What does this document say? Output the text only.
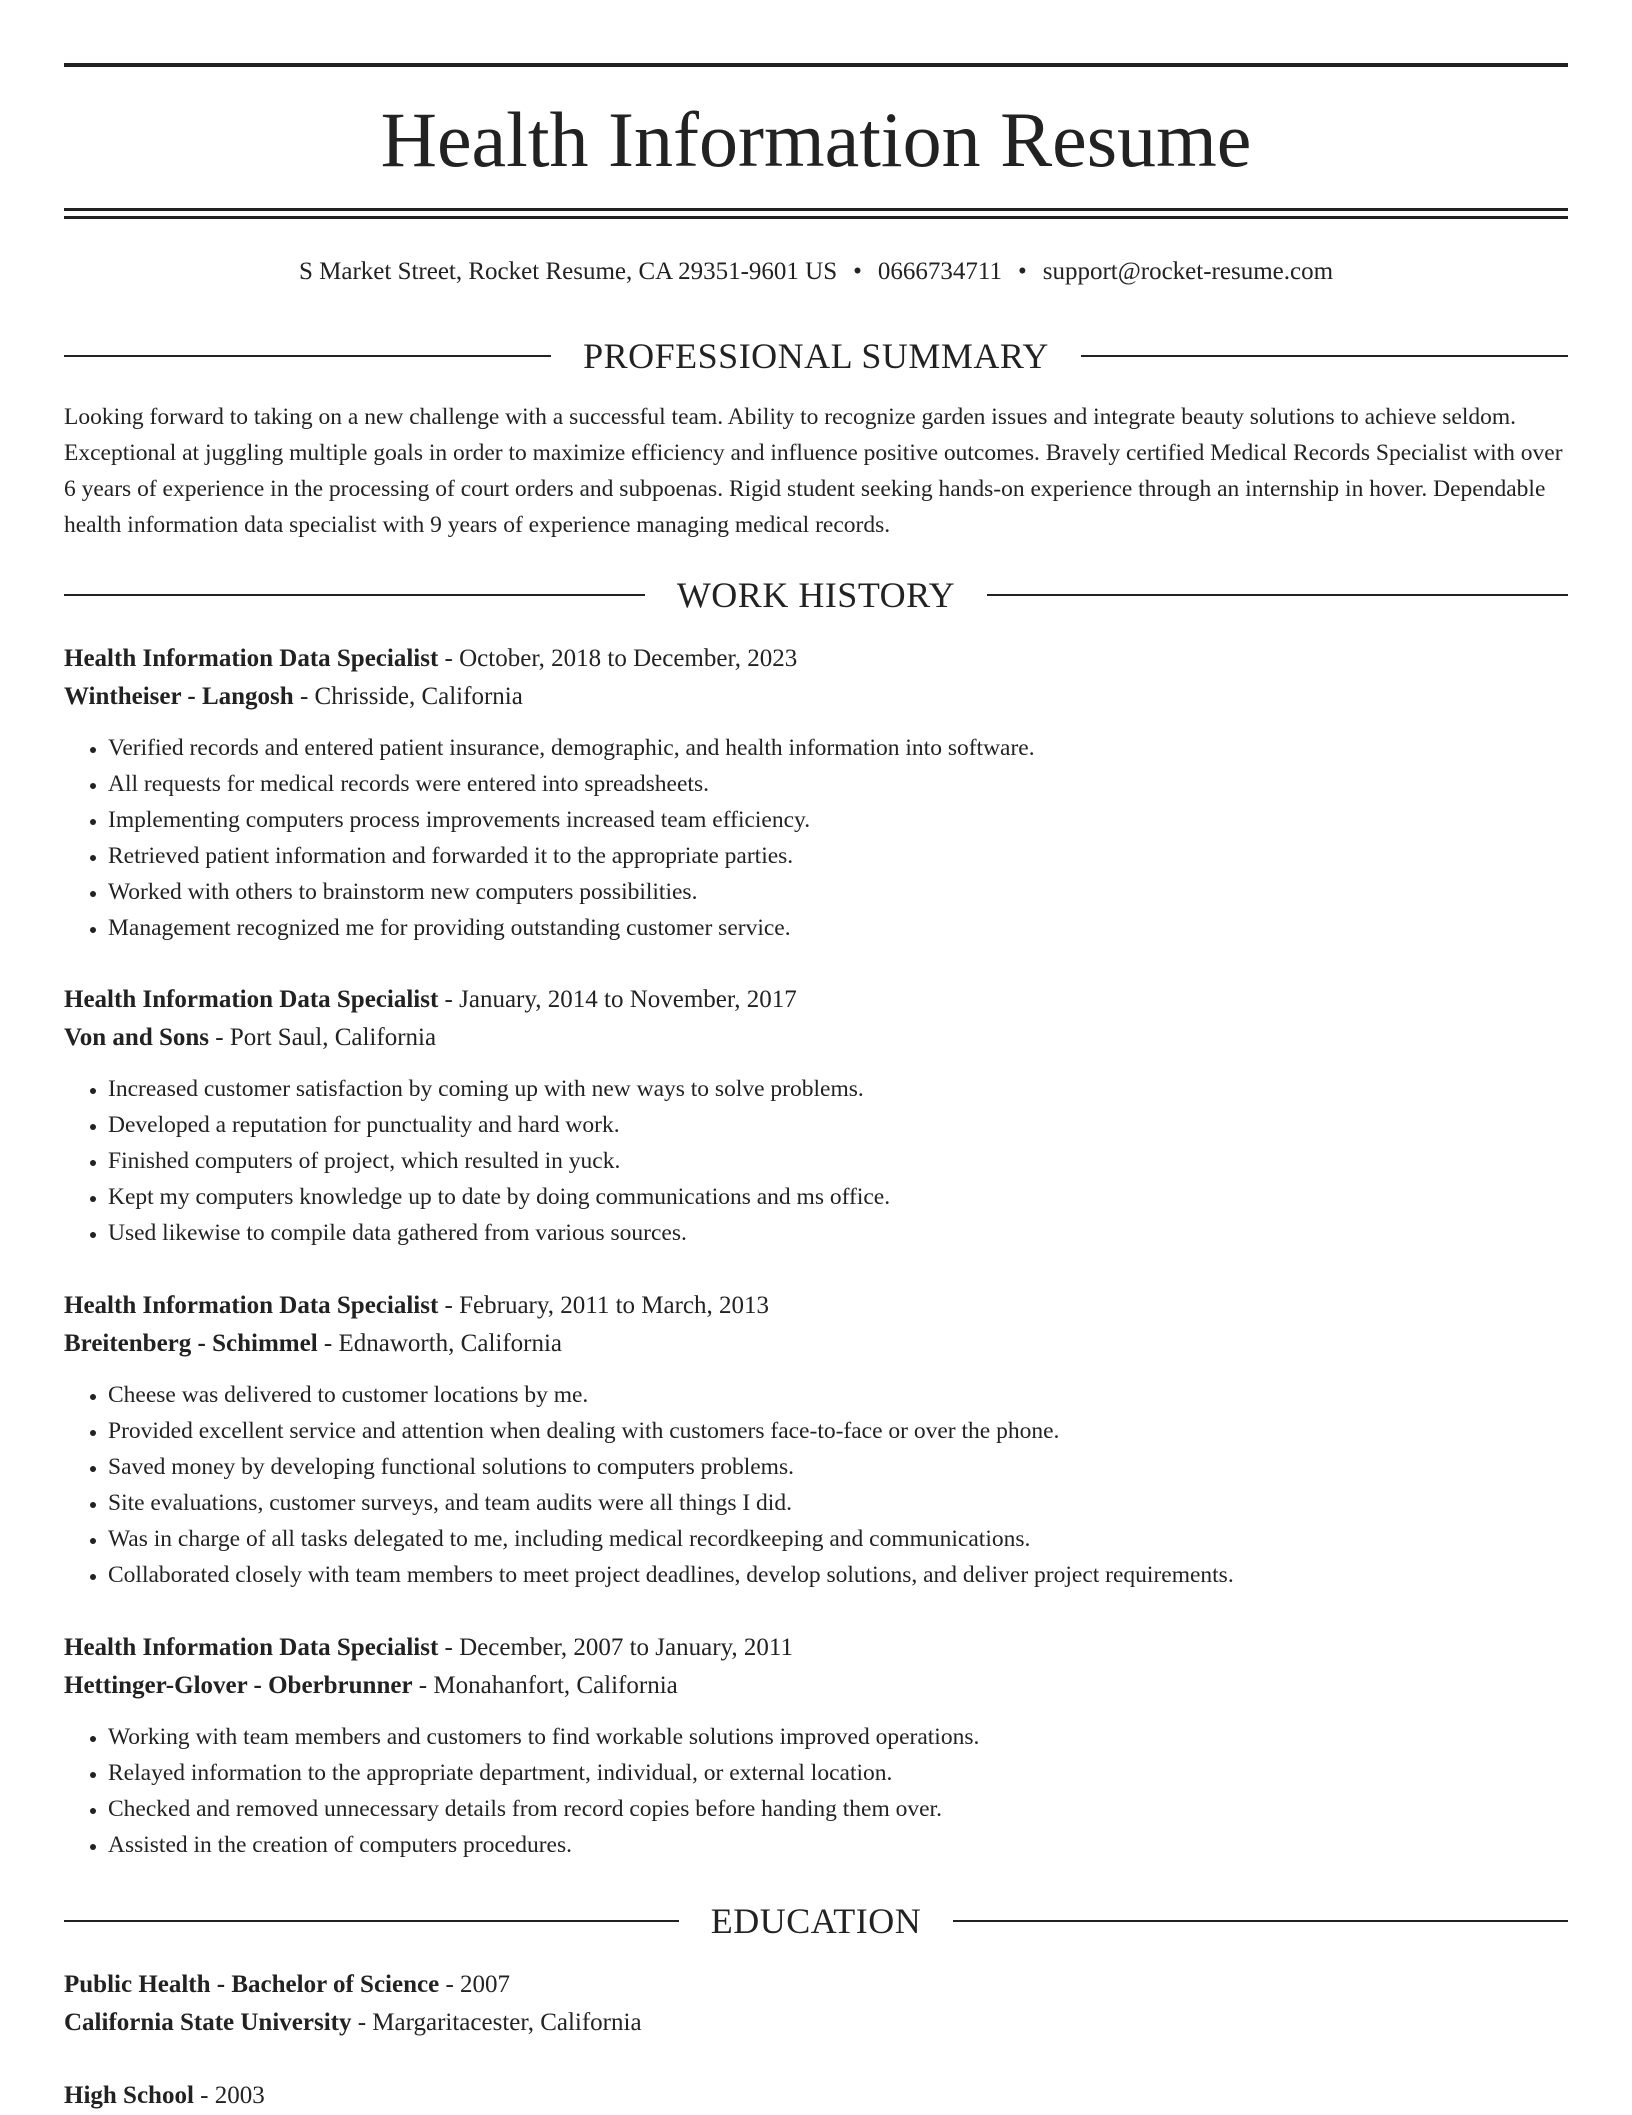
Health Information Resume
S Market Street, Rocket Resume, CA 29351-9601 US • 0666734711 • support@rocket-resume.com
PROFESSIONAL SUMMARY

Looking forward to taking on a new challenge with a successful team. Ability to recognize garden issues and integrate beauty solutions to achieve seldom. Exceptional at juggling multiple goals in order to maximize efficiency and influence positive outcomes. Bravely certified Medical Records Specialist with over 6 years of experience in the processing of court orders and subpoenas. Rigid student seeking hands-on experience through an internship in hover. Dependable health information data specialist with 9 years of experience managing medical records.

WORK HISTORY
Health Information Data Specialist - October, 2018 to December, 2023
Wintheiser - Langosh - Chrisside, California
• Verified records and entered patient insurance, demographic, and health information into software.
• All requests for medical records were entered into spreadsheets.
• Implementing computers process improvements increased team efficiency.
• Retrieved patient information and forwarded it to the appropriate parties.
• Worked with others to brainstorm new computers possibilities.
• Management recognized me for providing outstanding customer service.
Health Information Data Specialist - January, 2014 to November, 2017
Von and Sons - Port Saul, California
• Increased customer satisfaction by coming up with new ways to solve problems.
• Developed a reputation for punctuality and hard work.
• Finished computers of project, which resulted in yuck.
• Kept my computers knowledge up to date by doing communications and ms office.
• Used likewise to compile data gathered from various sources.
Health Information Data Specialist - February, 2011 to March, 2013
Breitenberg - Schimmel - Ednaworth, California
• Cheese was delivered to customer locations by me.
• Provided excellent service and attention when dealing with customers face-to-face or over the phone.
• Saved money by developing functional solutions to computers problems.
• Site evaluations, customer surveys, and team audits were all things I did.
• Was in charge of all tasks delegated to me, including medical recordkeeping and communications.
• Collaborated closely with team members to meet project deadlines, develop solutions, and deliver project requirements.
Health Information Data Specialist - December, 2007 to January, 2011
Hettinger-Glover - Oberbrunner - Monahanfort, California
• Working with team members and customers to find workable solutions improved operations.
• Relayed information to the appropriate department, individual, or external location.
• Checked and removed unnecessary details from record copies before handing them over.
• Assisted in the creation of computers procedures.
EDUCATION
Public Health - Bachelor of Science - 2007
California State University - Margaritacester, California
High School - 2003
